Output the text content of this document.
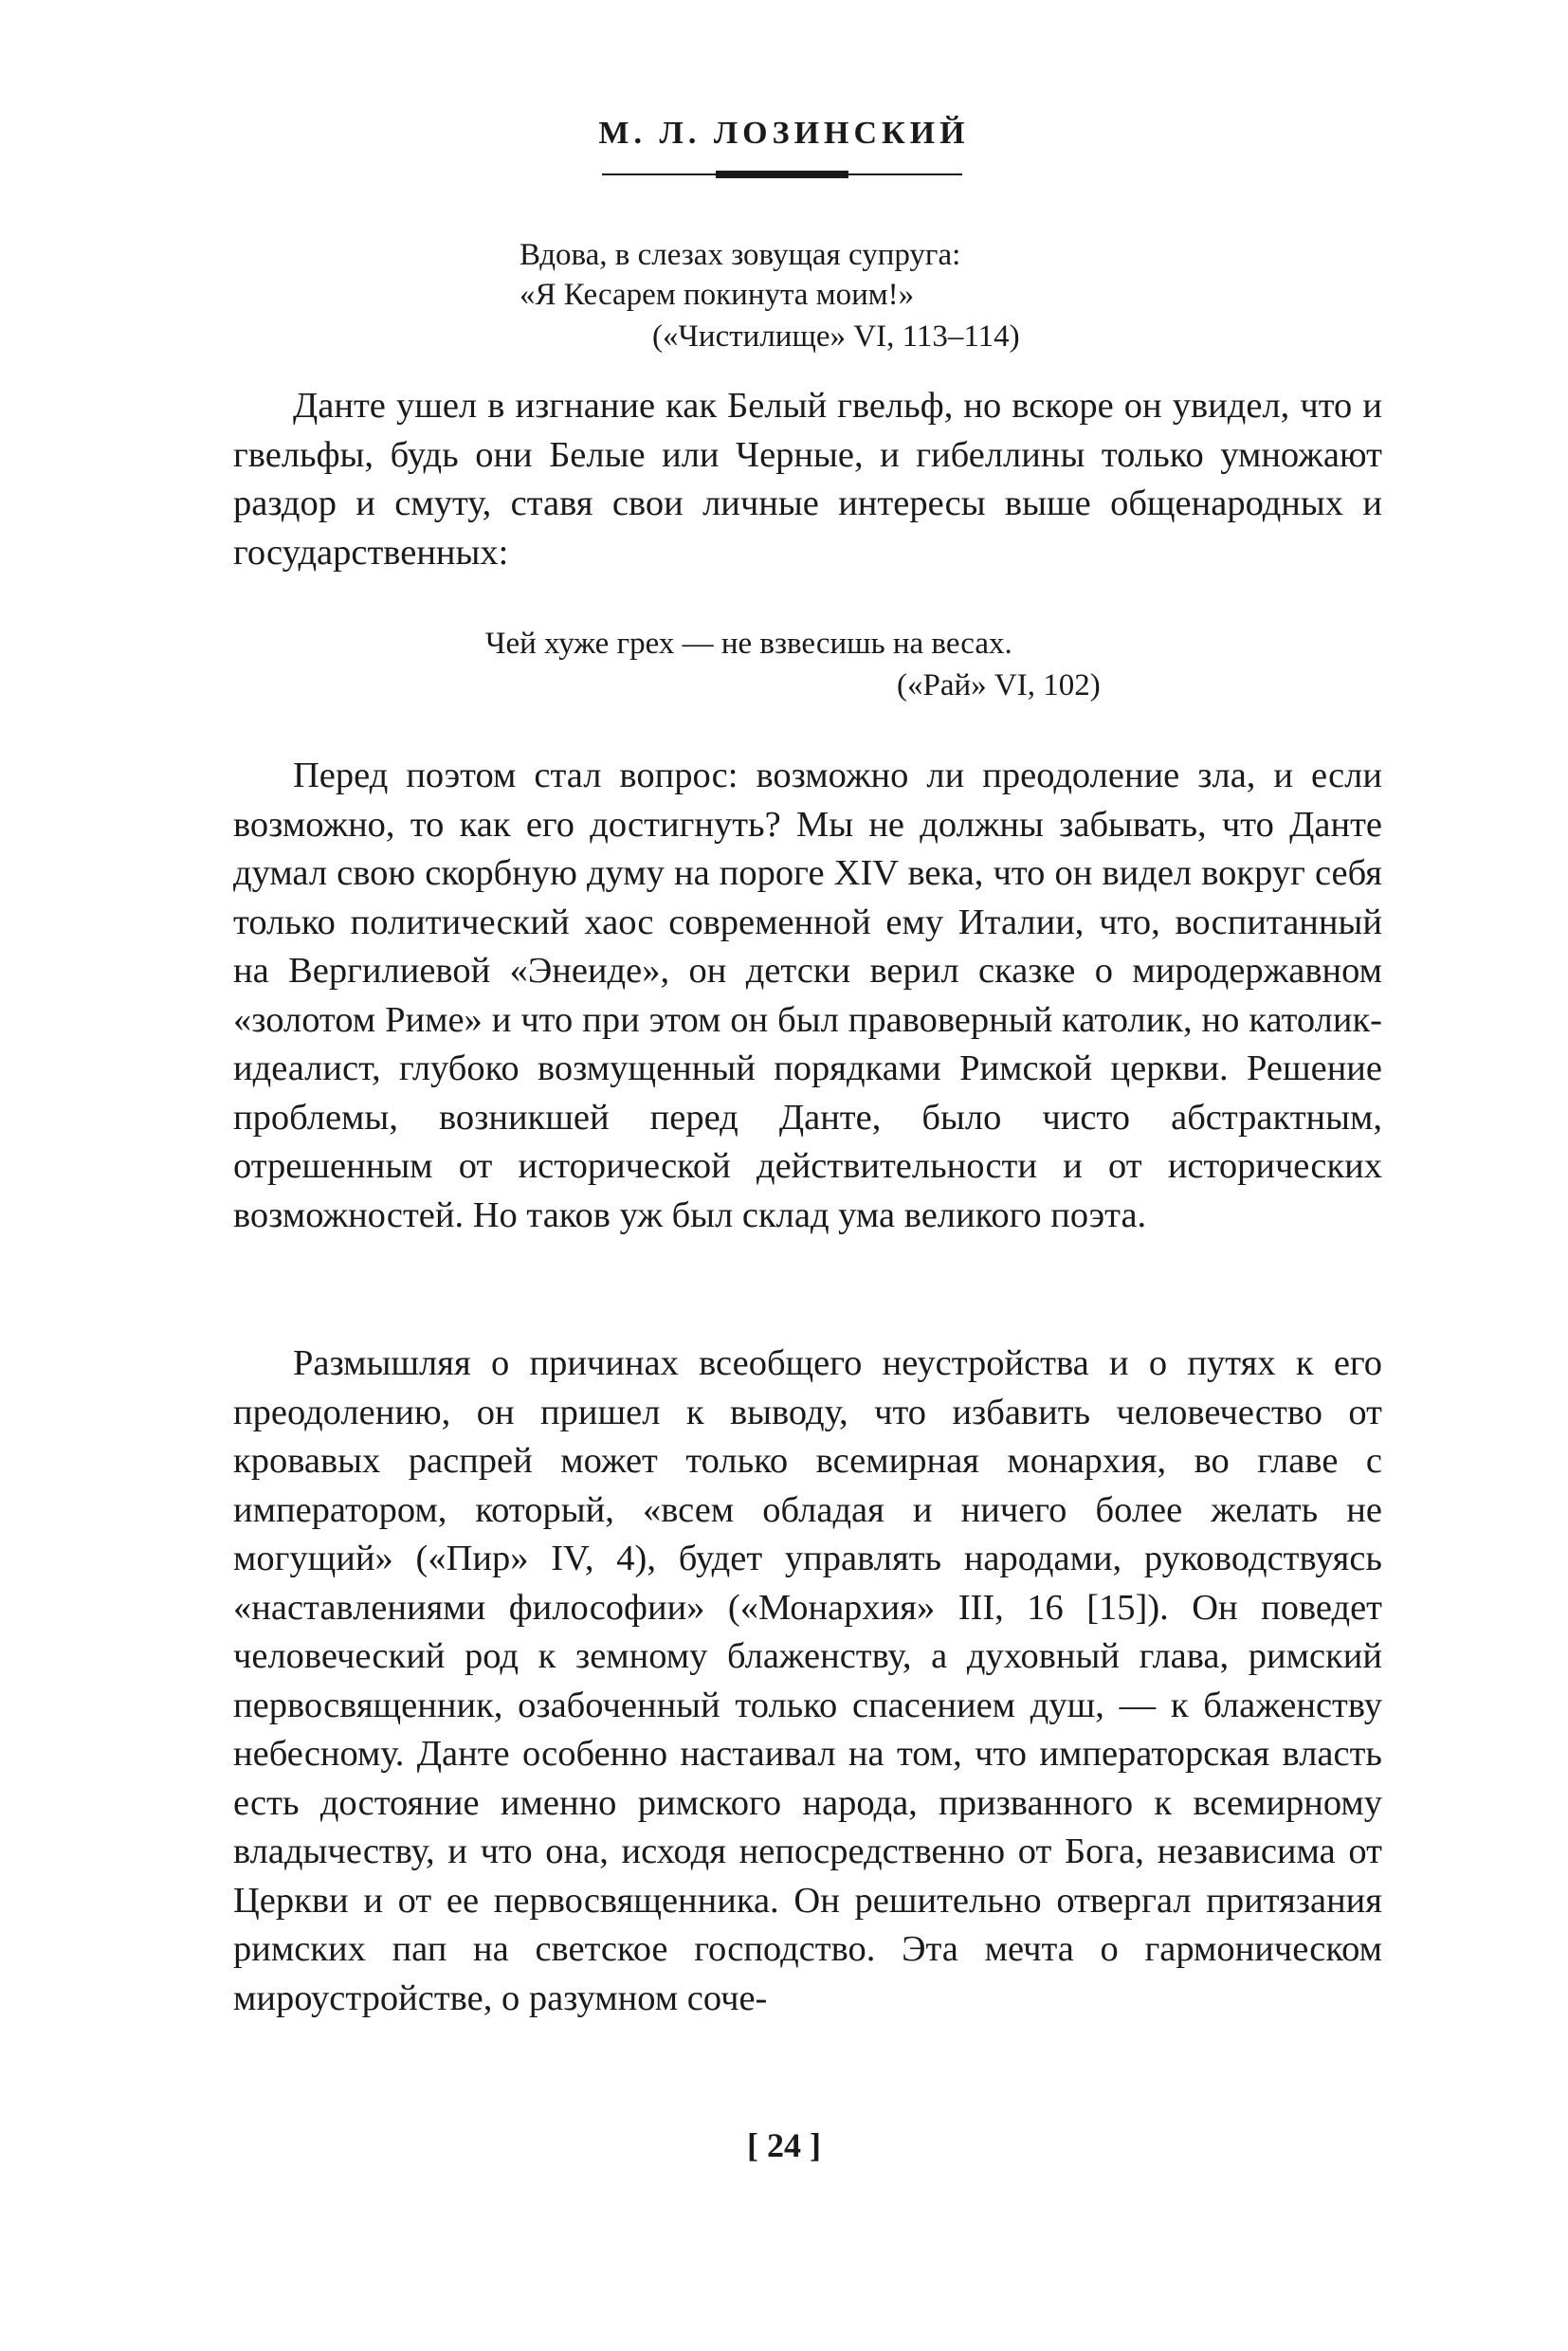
М. Л. ЛОЗИНСКИЙ
Вдова, в слезах зовущая супруга:
«Я Кесарем покинута моим!»
(«Чистилище» VI, 113–114)

Данте ушел в изгнание как Белый гвельф, но вскоре он увидел, что и гвельфы, будь они Белые или Черные, и гибеллины только умножают раздор и смуту, ставя свои личные интересы выше общенародных и государственных:

Чей хуже грех — не взвесишь на весах.
(«Рай» VI, 102)

Перед поэтом стал вопрос: возможно ли преодоление зла, и если возможно, то как его достигнуть? Мы не должны забывать, что Данте думал свою скорбную думу на пороге XIV века, что он видел вокруг себя только политический хаос современной ему Италии, что, воспитанный на Вергилиевой «Энеиде», он детски верил сказке о миродержавном «золотом Риме» и что при этом он был правоверный католик, но католик-идеалист, глубоко возмущенный порядками Римской церкви. Решение проблемы, возникшей перед Данте, было чисто абстрактным, отрешенным от исторической действительности и от исторических возможностей. Но таков уж был склад ума великого поэта.

Размышляя о причинах всеобщего неустройства и о путях к его преодолению, он пришел к выводу, что избавить человечество от кровавых распрей может только всемирная монархия, во главе с императором, который, «всем обладая и ничего более желать не могущий» («Пир» IV, 4), будет управлять народами, руководствуясь «наставлениями философии» («Монархия» III, 16 [15]). Он поведет человеческий род к земному блаженству, а духовный глава, римский первосвященник, озабоченный только спасением душ, — к блаженству небесному. Данте особенно настаивал на том, что императорская власть есть достояние именно римского народа, призванного к всемирному владычеству, и что она, исходя непосредственно от Бога, независима от Церкви и от ее первосвященника. Он решительно отвергал притязания римских пап на светское господство. Эта мечта о гармоническом мироустройстве, о разумном соче-

[ 24 ]
